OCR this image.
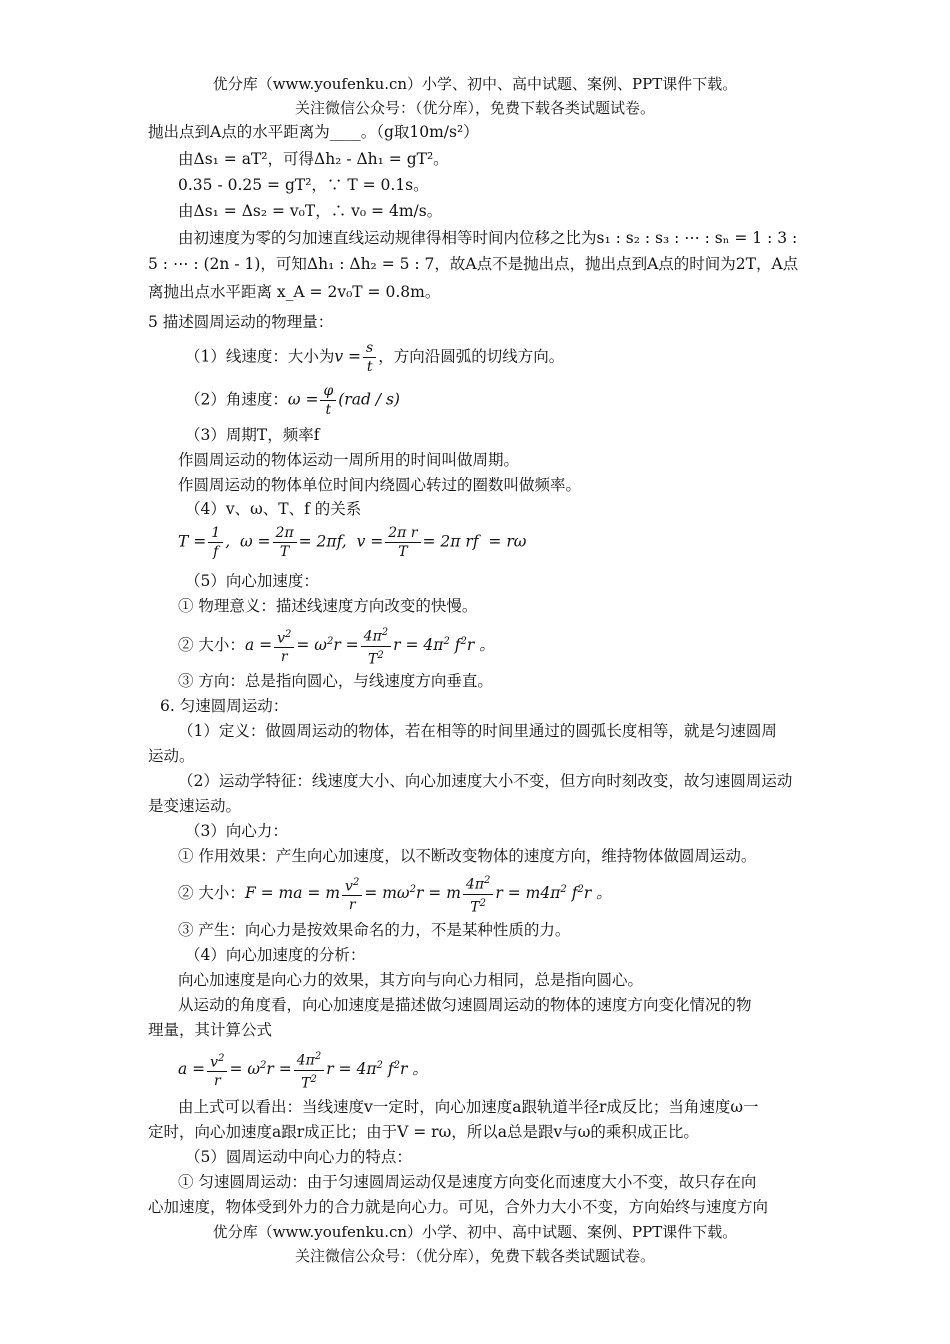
优分库（www.youfenku.cn）小学、初中、高中试题、案例、PPT课件下载。
关注微信公众号：（优分库），免费下载各类试题试卷。
抛出点到A点的水平距离为____。（g取10m/s²）
由Δs₁ = aT²，可得Δh₂ - Δh₁ = gT²。
0.35 - 0.25 = gT²，∵ T = 0.1s。
由Δs₁ = Δs₂ = v₀T，∴ v₀ = 4m/s。
由初速度为零的匀加速直线运动规律得相等时间内位移之比为s₁ : s₂ : s₃ : ⋯ : sₙ = 1 : 3 :
5 : ⋯ : (2n - 1)，可知Δh₁ : Δh₂ = 5 : 7，故A点不是抛出点，抛出点到A点的时间为2T，A点
离抛出点水平距离 x_A = 2v₀T = 0.8m。
5 描述圆周运动的物理量：
（1）线速度：大小为$v = \frac{s}{t}$ ，方向沿圆弧的切线方向。
（2）角速度：$\omega = \frac{\varphi}{t} (rad / s)$
（3）周期T，频率f
作圆周运动的物体运动一周所用的时间叫做周期。
作圆周运动的物体单位时间内绕圆心转过的圈数叫做频率。
（4）v、ω、T、f 的关系
$T = \frac{1}{f}$ ,  $\omega = \frac{2\pi}{T} = 2\pi f$,  $v = \frac{\text{2π r}}{T} = 2\pi$ rf  = rω
（5）向心加速度：
① 物理意义：描述线速度方向改变的快慢。
② 大小：$a = \frac{v^2}{r} = \omega^2r = \frac{4\pi^2}{T^2}$ $r = 4\pi^2$ $f^2r$ 。
③ 方向：总是指向圆心，与线速度方向垂直。
6. 匀速圆周运动：
（1）定义：做圆周运动的物体，若在相等的时间里通过的圆弧长度相等，就是匀速圆周
运动。
（2）运动学特征：线速度大小、向心加速度大小不变，但方向时刻改变，故匀速圆周运动
是变速运动。
（3）向心力：
① 作用效果：产生向心加速度，以不断改变物体的速度方向，维持物体做圆周运动。
② 大小：F = ma = m $\frac{v^2}{r} = m\omega^2r = m \frac{4\pi^2}{T^2}$ $r = m4\pi^2$ $f^2r$ 。
③ 产生：向心力是按效果命名的力，不是某种性质的力。
（4）向心加速度的分析：
向心加速度是向心力的效果，其方向与向心力相同，总是指向圆心。
从运动的角度看，向心加速度是描述做匀速圆周运动的物体的速度方向变化情况的物
理量，其计算公式
$a = \frac{v^2}{r} = \omega^2r = \frac{4\pi^2}{T^2}$ $r = 4\pi^2$ $f^2r$ 。
由上式可以看出：当线速度v一定时，向心加速度a跟轨道半径r成反比；当角速度ω一
定时，向心加速度a跟r成正比；由于V = rω，所以a总是跟v与ω的乘积成正比。
（5）圆周运动中向心力的特点：
① 匀速圆周运动：由于匀速圆周运动仅是速度方向变化而速度大小不变，故只存在向
心加速度，物体受到外力的合力就是向心力。可见，合外力大小不变，方向始终与速度方向
优分库（www.youfenku.cn）小学、初中、高中试题、案例、PPT课件下载。
关注微信公众号：（优分库），免费下载各类试题试卷。
